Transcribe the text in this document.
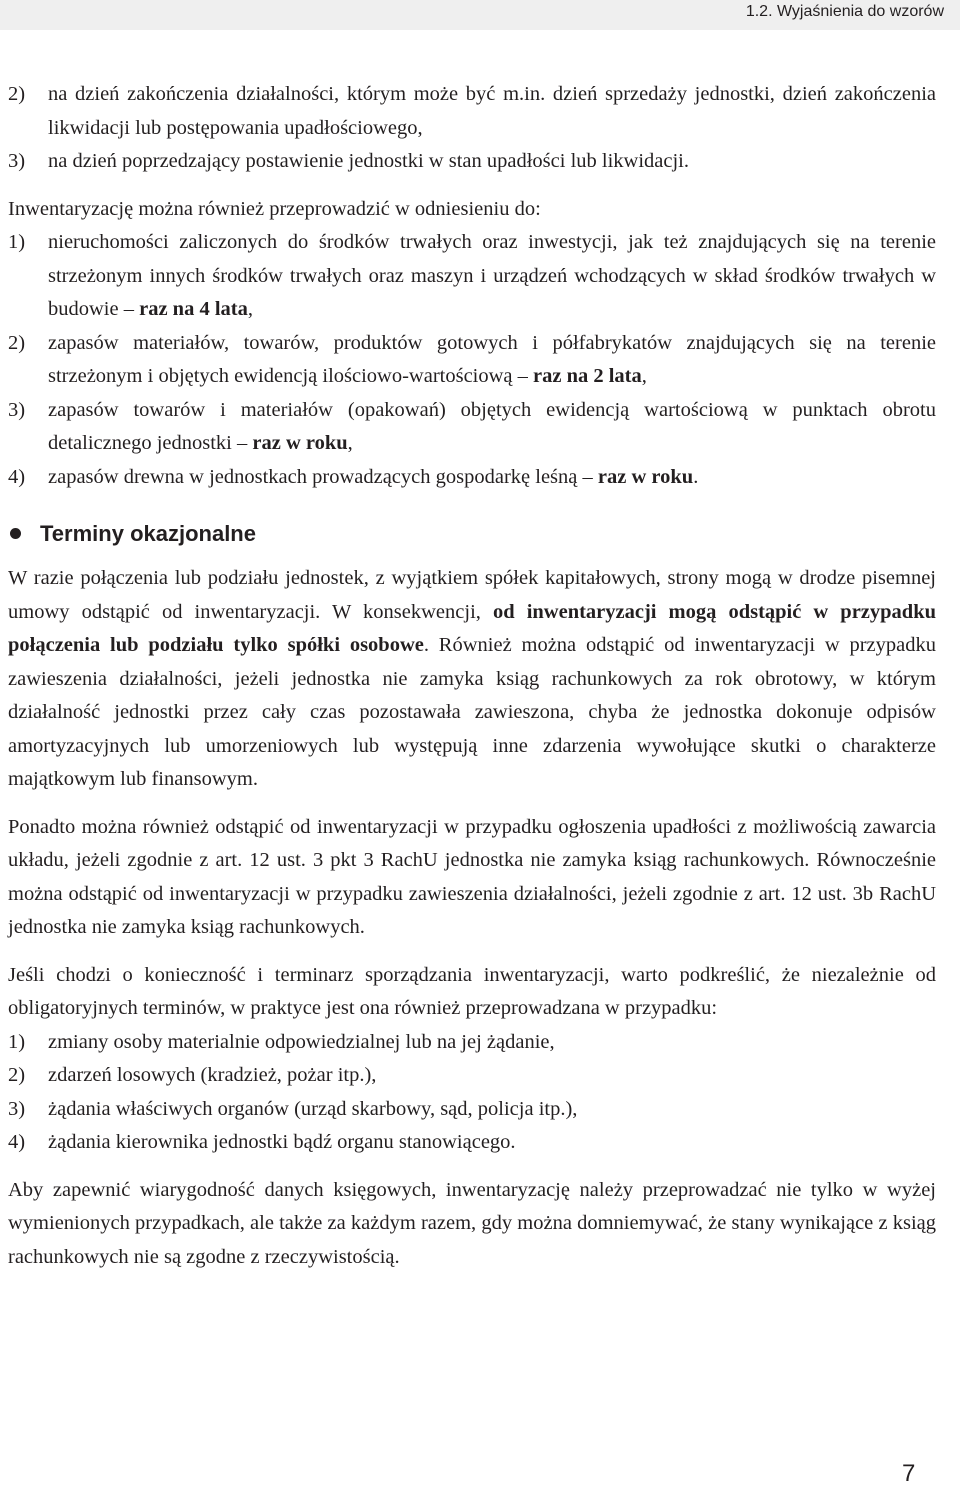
1.2. Wyjaśnienia do wzorów
2) na dzień zakończenia działalności, którym może być m.in. dzień sprzedaży jednostki, dzień zakończenia likwidacji lub postępowania upadłościowego,
3) na dzień poprzedzający postawienie jednostki w stan upadłości lub likwidacji.
Inwentaryzację można również przeprowadzić w odniesieniu do:
1) nieruchomości zaliczonych do środków trwałych oraz inwestycji, jak też znajdujących się na terenie strzeżonym innych środków trwałych oraz maszyn i urządzeń wchodzących w skład środków trwałych w budowie – raz na 4 lata,
2) zapasów materiałów, towarów, produktów gotowych i półfabrykatów znajdujących się na terenie strzeżonym i objętych ewidencją ilościowo-wartościową – raz na 2 lata,
3) zapasów towarów i materiałów (opakowań) objętych ewidencją wartościową w punktach obrotu detalicznego jednostki – raz w roku,
4) zapasów drewna w jednostkach prowadzących gospodarkę leśną – raz w roku.
Terminy okazjonalne
W razie połączenia lub podziału jednostek, z wyjątkiem spółek kapitałowych, strony mogą w drodze pisemnej umowy odstąpić od inwentaryzacji. W konsekwencji, od inwentaryzacji mogą odstąpić w przypadku połączenia lub podziału tylko spółki osobowe. Również można odstąpić od inwentaryzacji w przypadku zawieszenia działalności, jeżeli jednostka nie zamyka ksiąg rachunkowych za rok obrotowy, w którym działalność jednostki przez cały czas pozostawała zawieszona, chyba że jednostka dokonuje odpisów amortyzacyjnych lub umorzeniowych lub występują inne zdarzenia wywołujące skutki o charakterze majątkowym lub finansowym.
Ponadto można również odstąpić od inwentaryzacji w przypadku ogłoszenia upadłości z możliwością zawarcia układu, jeżeli zgodnie z art. 12 ust. 3 pkt 3 RachU jednostka nie zamyka ksiąg rachunkowych. Równocześnie można odstąpić od inwentaryzacji w przypadku zawieszenia działalności, jeżeli zgodnie z art. 12 ust. 3b RachU jednostka nie zamyka ksiąg rachunkowych.
Jeśli chodzi o konieczność i terminarz sporządzania inwentaryzacji, warto podkreślić, że niezależnie od obligatoryjnych terminów, w praktyce jest ona również przeprowadzana w przypadku:
1) zmiany osoby materialnie odpowiedzialnej lub na jej żądanie,
2) zdarzeń losowych (kradzież, pożar itp.),
3) żądania właściwych organów (urząd skarbowy, sąd, policja itp.),
4) żądania kierownika jednostki bądź organu stanowiącego.
Aby zapewnić wiarygodność danych księgowych, inwentaryzację należy przeprowadzać nie tylko w wyżej wymienionych przypadkach, ale także za każdym razem, gdy można domniemywać, że stany wynikające z ksiąg rachunkowych nie są zgodne z rzeczywistością.
7
